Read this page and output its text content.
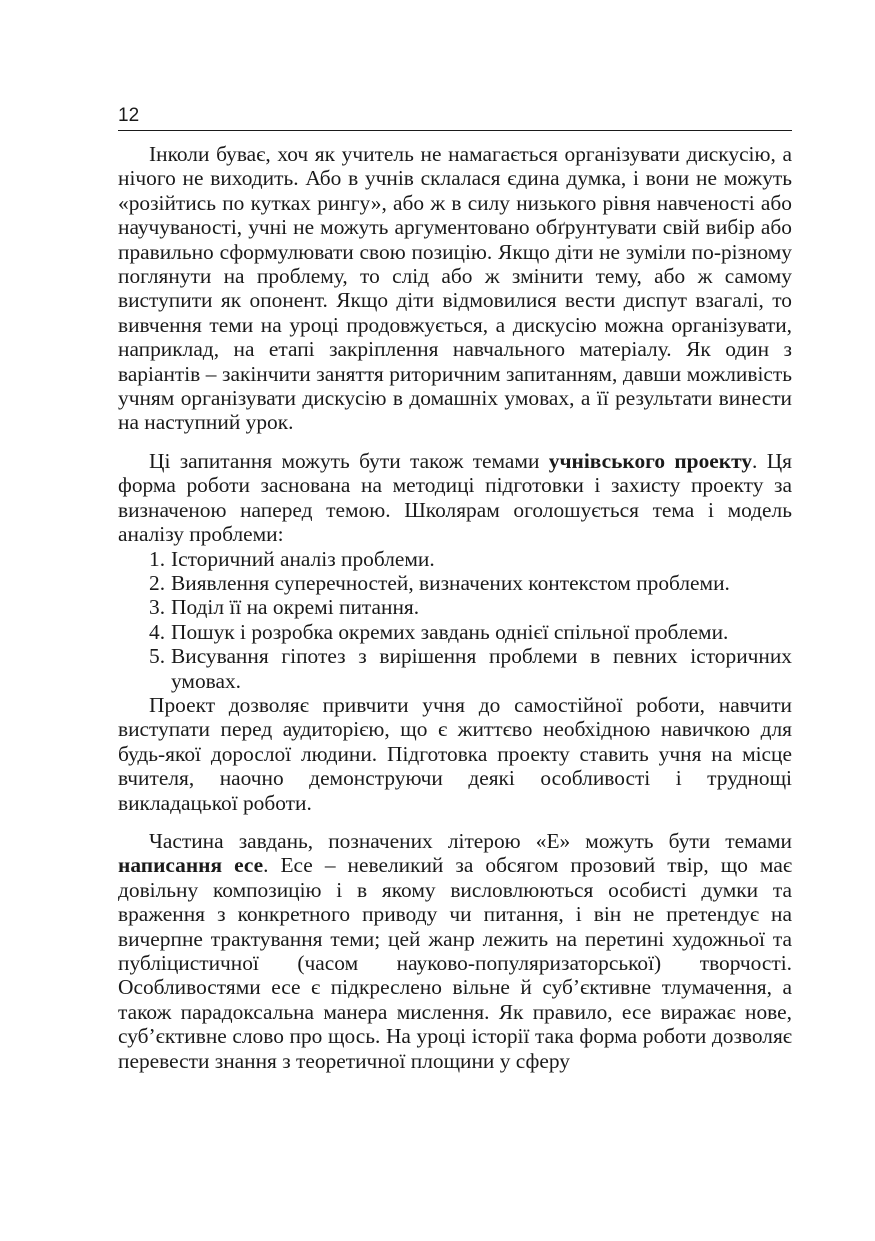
12

Інколи буває, хоч як учитель не намагається організувати дискусію, а нічого не виходить. Або в учнів склалася єдина думка, і вони не можуть «розійтись по кутках рингу», або ж в силу низького рівня навченості або научуваності, учні не можуть аргументовано обґрунтувати свій вибір або правильно сформулювати свою позицію. Якщо діти не зуміли по-різному поглянути на проблему, то слід або ж змінити тему, або ж самому виступити як опонент. Якщо діти відмовилися вести диспут взагалі, то вивчення теми на уроці продовжується, а дискусію можна організувати, наприклад, на етапі закріплення навчального матеріалу. Як один з варіантів – закінчити заняття риторичним запитанням, давши можливість учням організувати дискусію в домашніх умовах, а її результати винести на наступний урок.

Ці запитання можуть бути також темами учнівського проекту. Ця форма роботи заснована на методиці підготовки і захисту проекту за визначеною наперед темою. Школярам оголошується тема і модель аналізу проблеми:

1. Історичний аналіз проблеми.
2. Виявлення суперечностей, визначених контекстом проблеми.
3. Поділ її на окремі питання.
4. Пошук і розробка окремих завдань однієї спільної проблеми.
5. Висування гіпотез з вирішення проблеми в певних історичних умовах.

Проект дозволяє привчити учня до самостійної роботи, навчити виступати перед аудиторією, що є життєво необхідною навичкою для будь-якої дорослої людини. Підготовка проекту ставить учня на місце вчителя, наочно демонструючи деякі особливості і труднощі викладацької роботи.

Частина завдань, позначених літерою «Е» можуть бути темами написання есе. Есе – невеликий за обсягом прозовий твір, що має довільну композицію і в якому висловлюються особисті думки та враження з конкретного приводу чи питання, і він не претендує на вичерпне трактування теми; цей жанр лежить на перетині художньої та публіцистичної (часом науково-популяризаторської) творчості. Особливостями есе є підкреслено вільне й суб’єктивне тлумачення, а також парадоксальна манера мислення. Як правило, есе виражає нове, суб’єктивне слово про щось. На уроці історії така форма роботи дозволяє перевести знання з теоретичної площини у сферу
